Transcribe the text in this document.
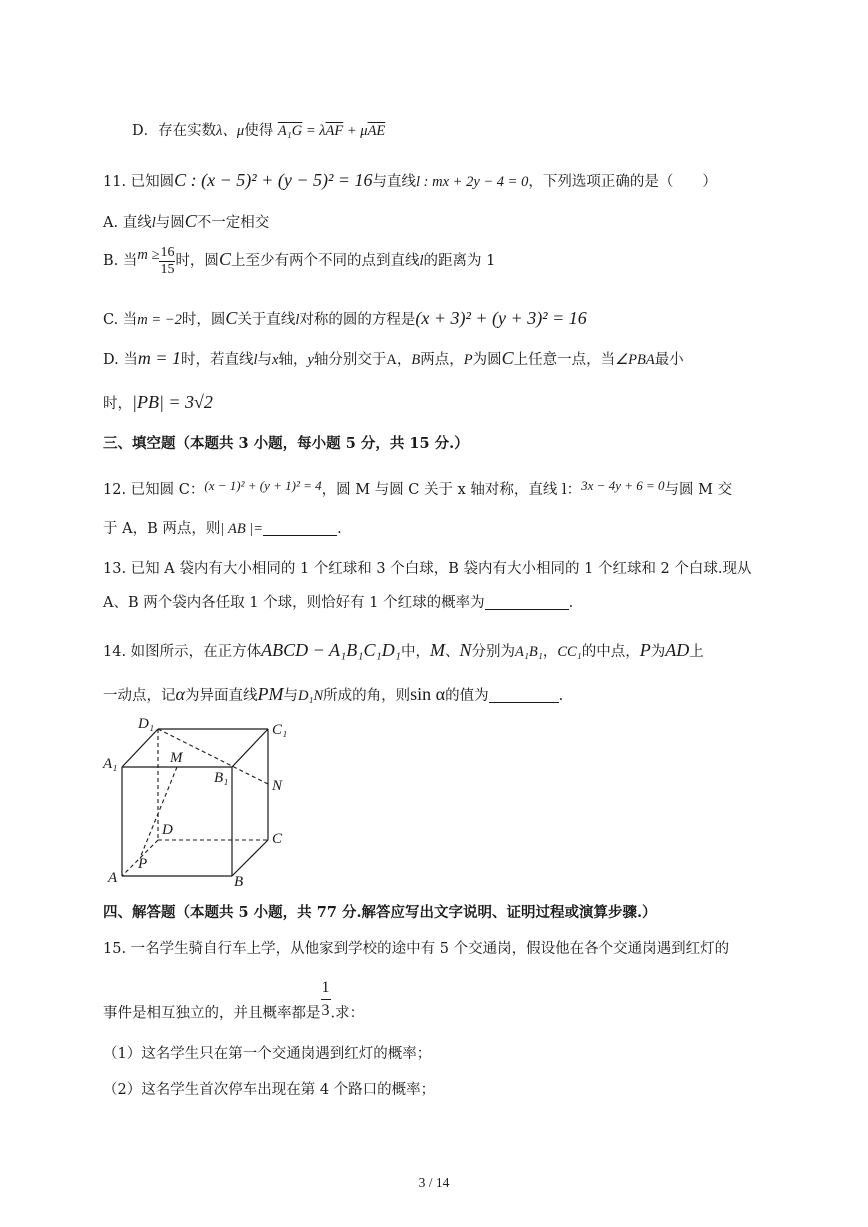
D．存在实数λ、μ使得 $A_1G = \lambda\overline{AF} + \mu\overline{AE}$
11. 已知圆C : (x − 5)² + (y − 5)² = 16与直线l : mx + 2y − 4 = 0，下列选项正确的是（　　）
A. 直线l与圆C不一定相交
B. 当$m \ge \frac{16}{15}$ 时，圆C上至少有两个不同的点到直线l的距离为 1
C. 当m = −2时，圆C关于直线l对称的圆的方程是(x + 3)² + (y + 3)² = 16
D. 当m = 1时，若直线l与x轴，y轴分别交于A，B两点，P为圆C上任意一点，当∠PBA最小
时，|PB| = 3√2
三、填空题（本题共 3 小题，每小题 5 分，共 15 分.）
12. 已知圆 C：(x − 1)² + (y + 1)² = 4，圆 M 与圆 C 关于 x 轴对称，直线 l：3x − 4y + 6 = 0与圆 M 交
于 A，B 两点，则| AB |=	.
13. 已知 A 袋内有大小相同的 1 个红球和 3 个白球，B 袋内有大小相同的 1 个红球和 2 个白球.现从
A、B 两个袋内各任取 1 个球，则恰好有 1 个红球的概率为	.
14. 如图所示，在正方体ABCD − A₁B₁C₁D₁中，M、N分别为A₁B₁，CC₁的中点，P为AD上
一动点，记α为异面直线PM与D₁N所成的角，则sin α的值为	.
D₁	C₁
A₁	M
B₁	N
D
C
P
A	B
四、解答题（本题共 5 小题，共 77 分.解答应写出文字说明、证明过程或演算步骤.）
15. 一名学生骑自行车上学，从他家到学校的途中有 5 个交通岗，假设他在各个交通岗遇到红灯的
事件是相互独立的，并且概率都是 $\frac{1}{3}$ .求：
（1）这名学生只在第一个交通岗遇到红灯的概率；
（2）这名学生首次停车出现在第 4 个路口的概率；
3 / 14
